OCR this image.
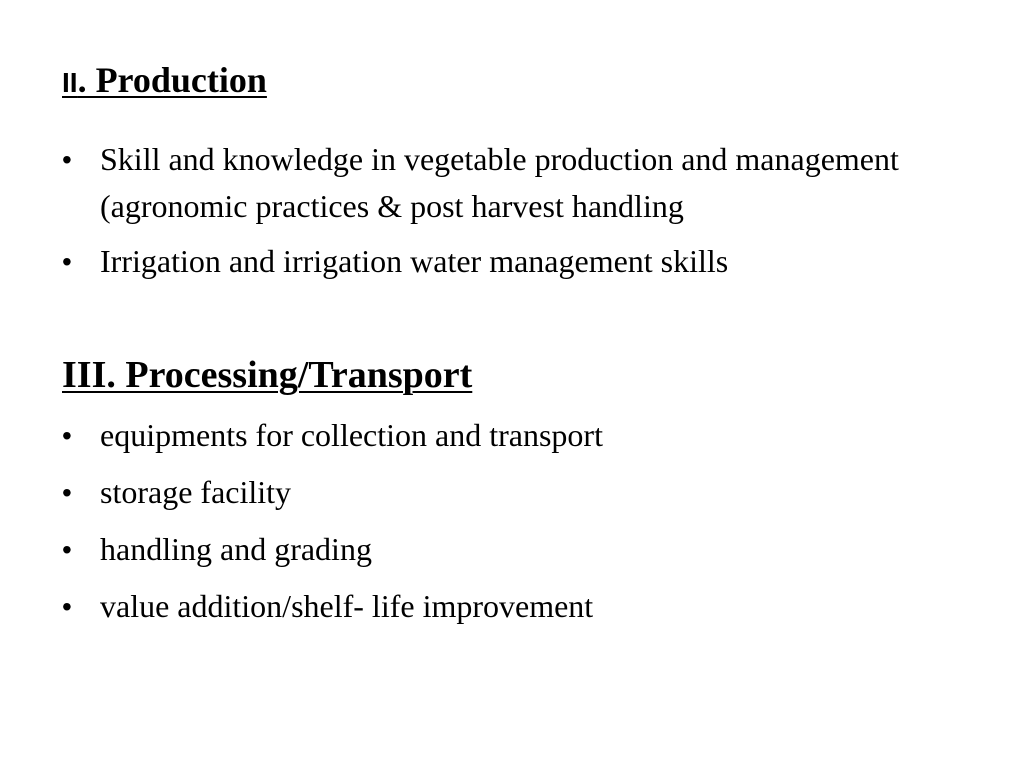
II. Production
• Skill and knowledge in vegetable production and management (agronomic practices & post harvest handling
• Irrigation and irrigation water management skills
III. Processing/Transport
• equipments for collection and transport
• storage facility
• handling and grading
• value addition/shelf- life improvement
